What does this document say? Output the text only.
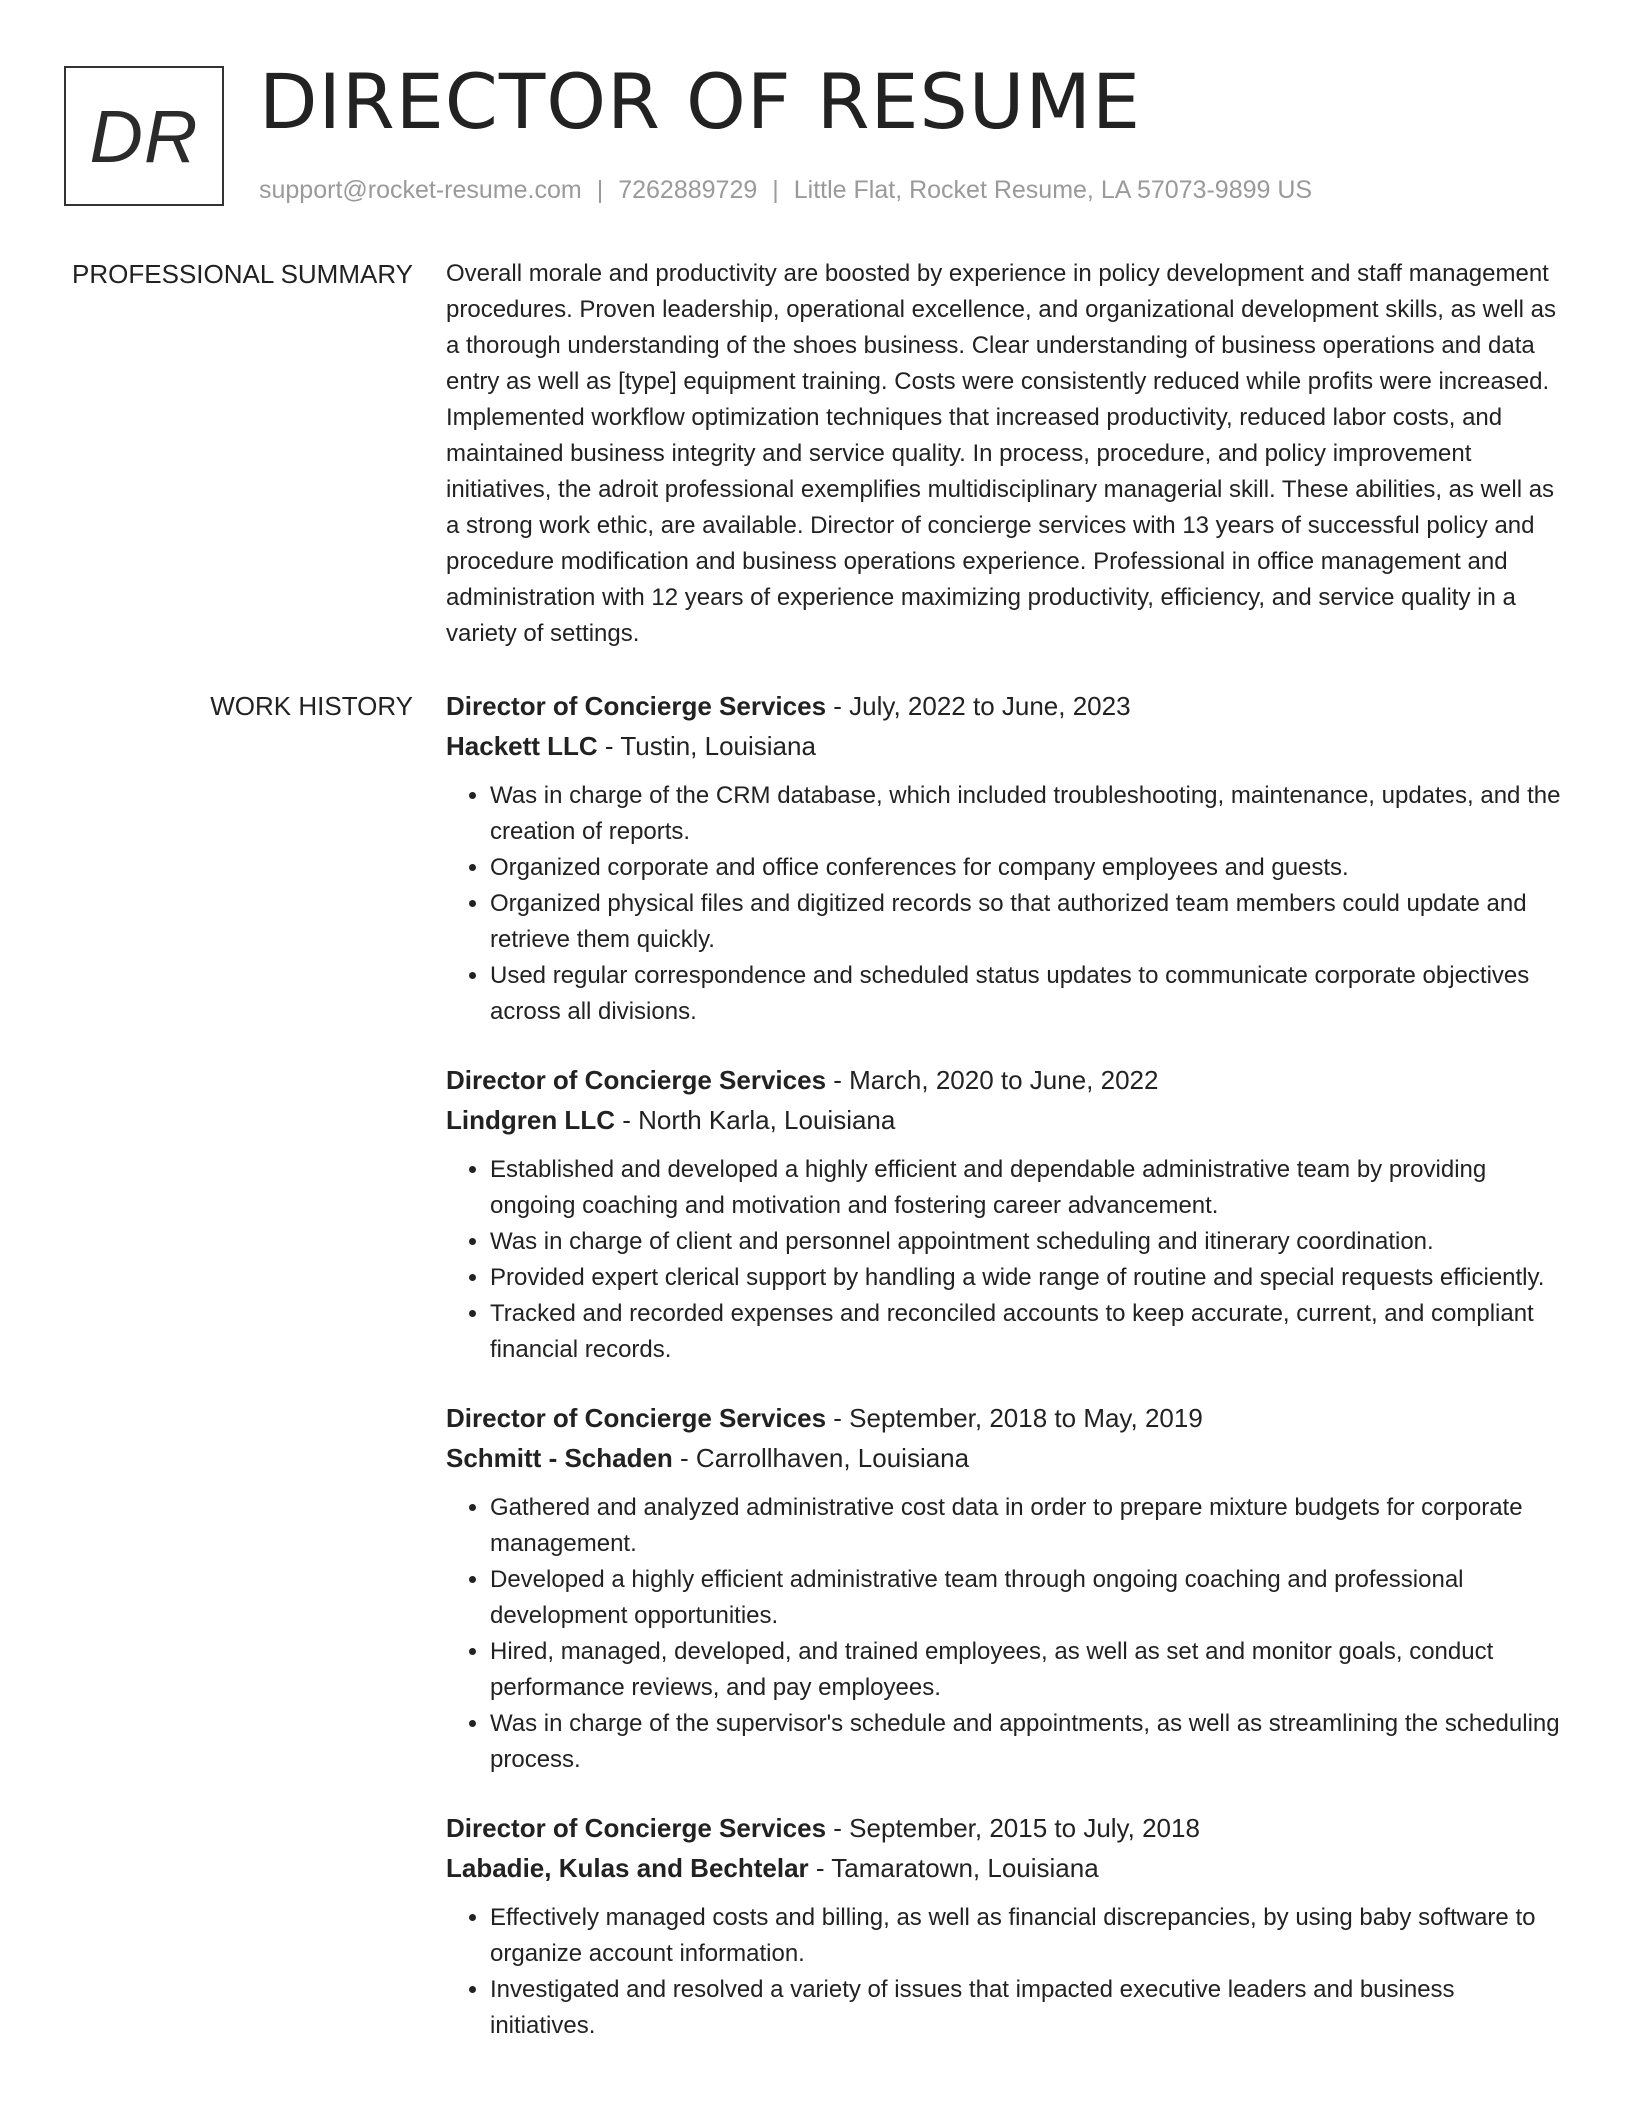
DR DIRECTOR OF RESUME
support@rocket-resume.com | 7262889729 | Little Flat, Rocket Resume, LA 57073-9899 US
PROFESSIONAL SUMMARY Overall morale and productivity are boosted by experience in policy development and staff management procedures. Proven leadership, operational excellence, and organizational development skills, as well as a thorough understanding of the shoes business. Clear understanding of business operations and data entry as well as [type] equipment training. Costs were consistently reduced while profits were increased. Implemented workflow optimization techniques that increased productivity, reduced labor costs, and maintained business integrity and service quality. In process, procedure, and policy improvement initiatives, the adroit professional exemplifies multidisciplinary managerial skill. These abilities, as well as a strong work ethic, are available. Director of concierge services with 13 years of successful policy and procedure modification and business operations experience. Professional in office management and administration with 12 years of experience maximizing productivity, efficiency, and service quality in a variety of settings.

WORK HISTORY Director of Concierge Services - July, 2022 to June, 2023
Hackett LLC - Tustin, Louisiana
• Was in charge of the CRM database, which included troubleshooting, maintenance, updates, and the creation of reports.
• Organized corporate and office conferences for company employees and guests.
• Organized physical files and digitized records so that authorized team members could update and retrieve them quickly.
• Used regular correspondence and scheduled status updates to communicate corporate objectives across all divisions.
Director of Concierge Services - March, 2020 to June, 2022
Lindgren LLC - North Karla, Louisiana
• Established and developed a highly efficient and dependable administrative team by providing ongoing coaching and motivation and fostering career advancement.
• Was in charge of client and personnel appointment scheduling and itinerary coordination.
• Provided expert clerical support by handling a wide range of routine and special requests efficiently.
• Tracked and recorded expenses and reconciled accounts to keep accurate, current, and compliant financial records.
Director of Concierge Services - September, 2018 to May, 2019
Schmitt - Schaden - Carrollhaven, Louisiana
• Gathered and analyzed administrative cost data in order to prepare mixture budgets for corporate management.
• Developed a highly efficient administrative team through ongoing coaching and professional development opportunities.
• Hired, managed, developed, and trained employees, as well as set and monitor goals, conduct performance reviews, and pay employees.
• Was in charge of the supervisor's schedule and appointments, as well as streamlining the scheduling process.
Director of Concierge Services - September, 2015 to July, 2018
Labadie, Kulas and Bechtelar - Tamaratown, Louisiana
• Effectively managed costs and billing, as well as financial discrepancies, by using baby software to organize account information.
• Investigated and resolved a variety of issues that impacted executive leaders and business initiatives.
